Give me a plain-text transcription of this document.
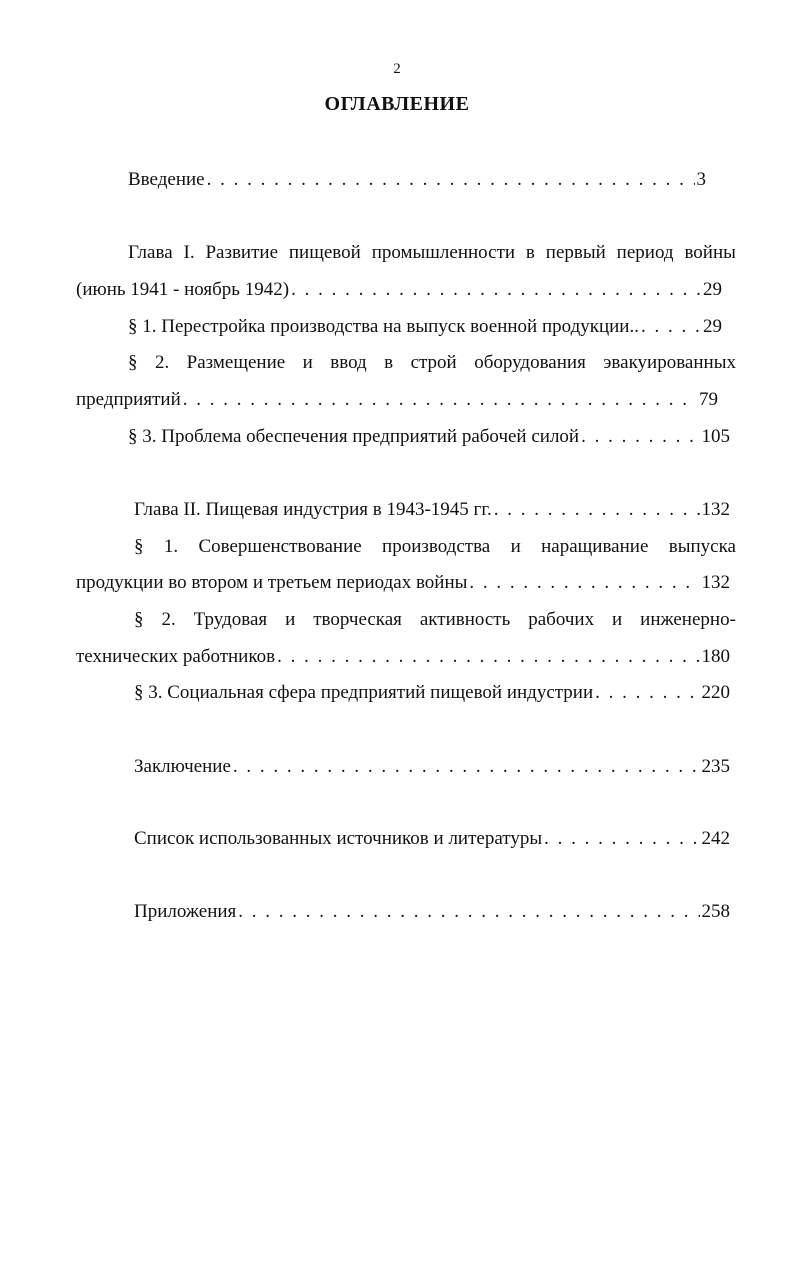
2
ОГЛАВЛЕНИЕ
Введение . . .	3
Глава I. Развитие пищевой промышленности в первый период войны
(июнь 1941 - ноябрь 1942) . . .	29
§ 1. Перестройка производства на выпуск военной продукции.. . . .	29
§ 2. Размещение и ввод в строй оборудования эвакуированных
предприятий . . .	79
§ 3. Проблема обеспечения предприятий рабочей силой . . .	105
Глава II. Пищевая индустрия в 1943-1945 гг. . . .	132
§ 1. Совершенствование производства и наращивание выпуска
продукции во втором и третьем периодах войны . . .	132
§ 2. Трудовая и творческая активность рабочих и инженерно-
технических работников . . .	180
§ 3. Социальная сфера предприятий пищевой индустрии . . .	220
Заключение . . .	235
Список использованных источников и литературы . . .	242
Приложения . . .	258
